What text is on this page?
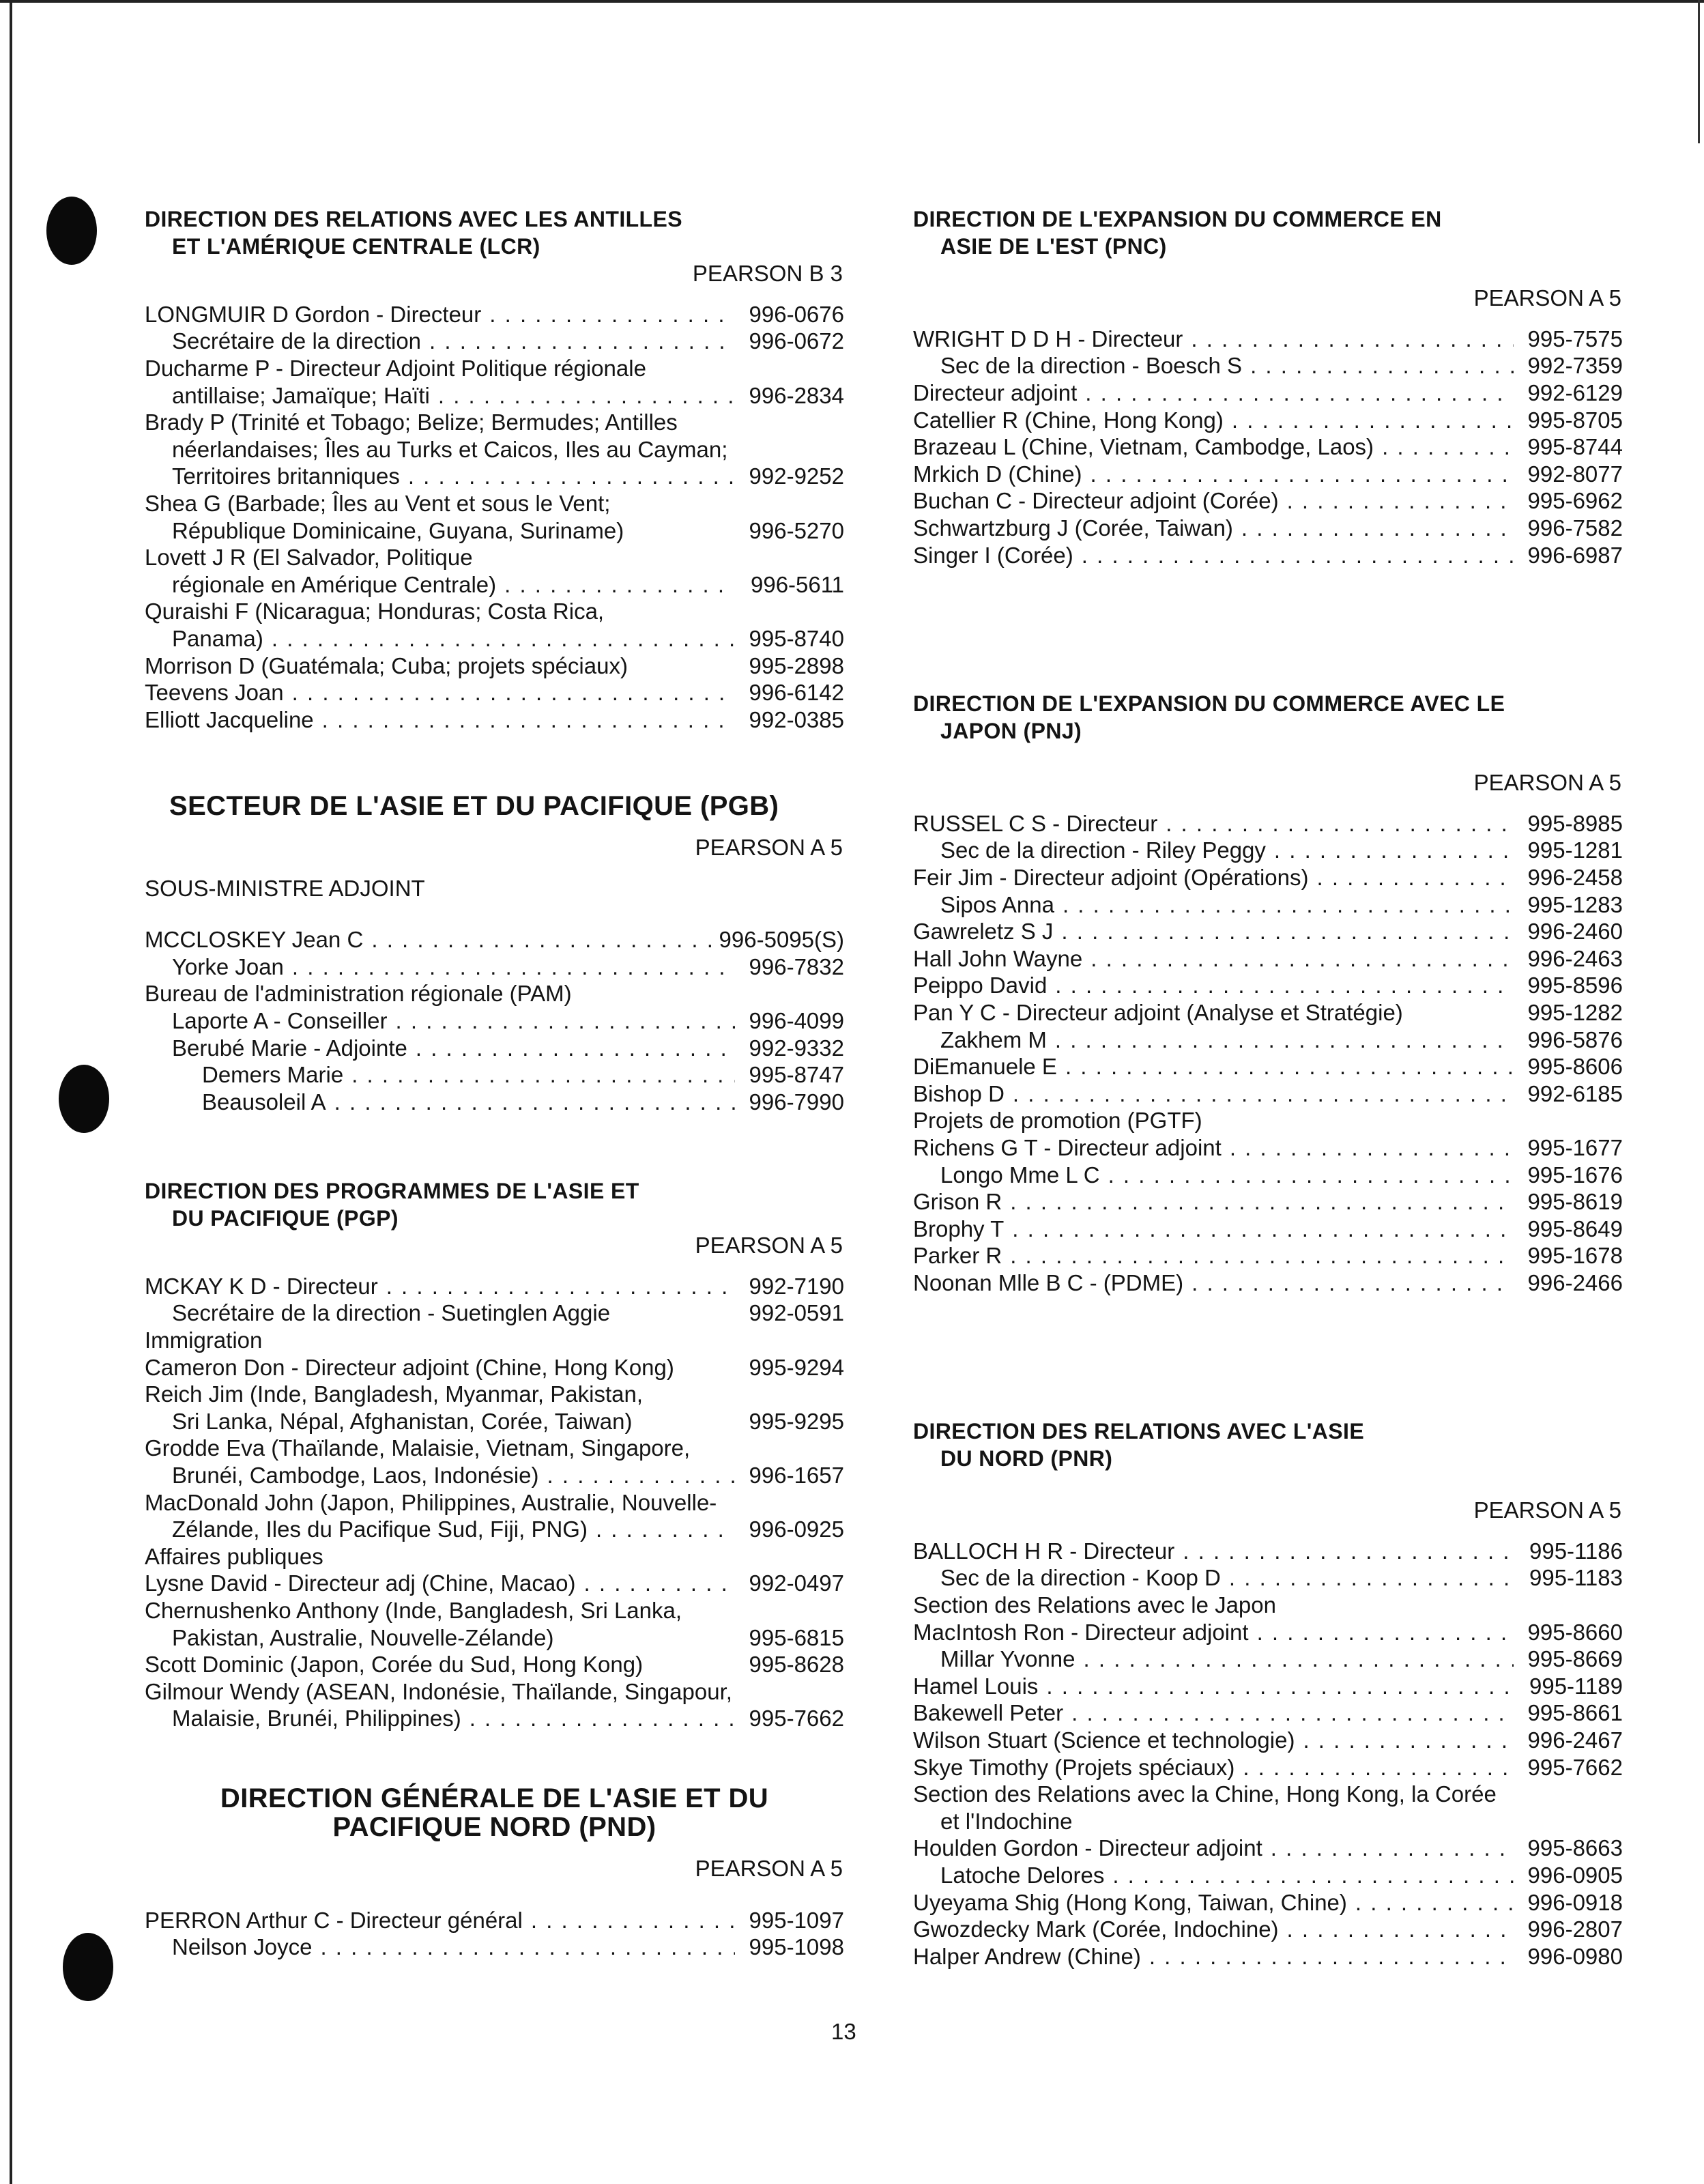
DIRECTION DES RELATIONS AVEC LES ANTILLES
ET L'AMÉRIQUE CENTRALE (LCR)
PEARSON B 3
LONGMUIR D Gordon - Directeur . . .	996-0676
Secrétaire de la direction . . .	996-0672
Ducharme P - Directeur Adjoint Politique régionale
antillaise; Jamaïque; Haïti . . .	996-2834
Brady P (Trinité et Tobago; Belize; Bermudes; Antilles
néerlandaises; Îles au Turks et Caicos, Iles au Cayman;
Territoires britanniques . . .	992-9252
Shea G (Barbade; Îles au Vent et sous le Vent;
République Dominicaine, Guyana, Suriname)	996-5270
Lovett J R (El Salvador, Politique
régionale en Amérique Centrale) . . .	996-5611
Quraishi F (Nicaragua; Honduras; Costa Rica,
Panama) . . .	995-8740
Morrison D (Guatémala; Cuba; projets spéciaux)	995-2898
Teevens Joan . . .	996-6142
Elliott Jacqueline . . .	992-0385
SECTEUR DE L'ASIE ET DU PACIFIQUE (PGB)
PEARSON A 5
SOUS-MINISTRE ADJOINT
MCCLOSKEY Jean C . . .	996-5095(S)
Yorke Joan . . .	996-7832
Bureau de l'administration régionale (PAM)
Laporte A - Conseiller . . .	996-4099
Berubé Marie - Adjointe . . .	992-9332
Demers Marie . . .	995-8747
Beausoleil A . . .	996-7990
DIRECTION DES PROGRAMMES DE L'ASIE ET
DU PACIFIQUE (PGP)
PEARSON A 5
MCKAY K D - Directeur . . .	992-7190
Secrétaire de la direction - Suetinglen Aggie	992-0591
Immigration
Cameron Don - Directeur adjoint (Chine, Hong Kong)	995-9294
Reich Jim (Inde, Bangladesh, Myanmar, Pakistan,
Sri Lanka, Népal, Afghanistan, Corée, Taiwan)	995-9295
Grodde Eva (Thaïlande, Malaisie, Vietnam, Singapore,
Brunéi, Cambodge, Laos, Indonésie) . . .	996-1657
MacDonald John (Japon, Philippines, Australie, Nouvelle-
Zélande, Iles du Pacifique Sud, Fiji, PNG) . . .	996-0925
Affaires publiques
Lysne David - Directeur adj (Chine, Macao) . . .	992-0497
Chernushenko Anthony (Inde, Bangladesh, Sri Lanka,
Pakistan, Australie, Nouvelle-Zélande)	995-6815
Scott Dominic (Japon, Corée du Sud, Hong Kong)	995-8628
Gilmour Wendy (ASEAN, Indonésie, Thaïlande, Singapour,
Malaisie, Brunéi, Philippines) . . .	995-7662
DIRECTION GÉNÉRALE DE L'ASIE ET DU
PACIFIQUE NORD (PND)
PEARSON A 5
PERRON Arthur C - Directeur général . . .	995-1097
Neilson Joyce . . .	995-1098
DIRECTION DE L'EXPANSION DU COMMERCE EN
ASIE DE L'EST (PNC)
PEARSON A 5
WRIGHT D D H - Directeur . . .	995-7575
Sec de la direction - Boesch S . . .	992-7359
Directeur adjoint . . .	992-6129
Catellier R (Chine, Hong Kong) . . .	995-8705
Brazeau L (Chine, Vietnam, Cambodge, Laos) . . .	995-8744
Mrkich D (Chine) . . .	992-8077
Buchan C - Directeur adjoint (Corée) . . .	995-6962
Schwartzburg J (Corée, Taiwan) . . .	996-7582
Singer I (Corée) . . .	996-6987
DIRECTION DE L'EXPANSION DU COMMERCE AVEC LE
JAPON (PNJ)
PEARSON A 5
RUSSEL C S - Directeur . . .	995-8985
Sec de la direction - Riley Peggy . . .	995-1281
Feir Jim - Directeur adjoint (Opérations) . . .	996-2458
Sipos Anna . . .	995-1283
Gawreletz S J . . .	996-2460
Hall John Wayne . . .	996-2463
Peippo David . . .	995-8596
Pan Y C - Directeur adjoint (Analyse et Stratégie)	995-1282
Zakhem M . . .	996-5876
DiEmanuele E . . .	995-8606
Bishop D . . .	992-6185
Projets de promotion (PGTF)
Richens G T - Directeur adjoint . . .	995-1677
Longo Mme L C . . .	995-1676
Grison R . . .	995-8619
Brophy T . . .	995-8649
Parker R . . .	995-1678
Noonan Mlle B C - (PDME) . . .	996-2466
DIRECTION DES RELATIONS AVEC L'ASIE
DU NORD (PNR)
PEARSON A 5
BALLOCH H R - Directeur . . .	995-1186
Sec de la direction - Koop D . . .	995-1183
Section des Relations avec le Japon
MacIntosh Ron - Directeur adjoint . . .	995-8660
Millar Yvonne . . .	995-8669
Hamel Louis . . .	995-1189
Bakewell Peter . . .	995-8661
Wilson Stuart (Science et technologie) . . .	996-2467
Skye Timothy (Projets spéciaux) . . .	995-7662
Section des Relations avec la Chine, Hong Kong, la Corée
et l'Indochine
Houlden Gordon - Directeur adjoint . . .	995-8663
Latoche Delores . . .	996-0905
Uyeyama Shig (Hong Kong, Taiwan, Chine) . . .	996-0918
Gwozdecky Mark (Corée, Indochine) . . .	996-2807
Halper Andrew (Chine) . . .	996-0980
13
